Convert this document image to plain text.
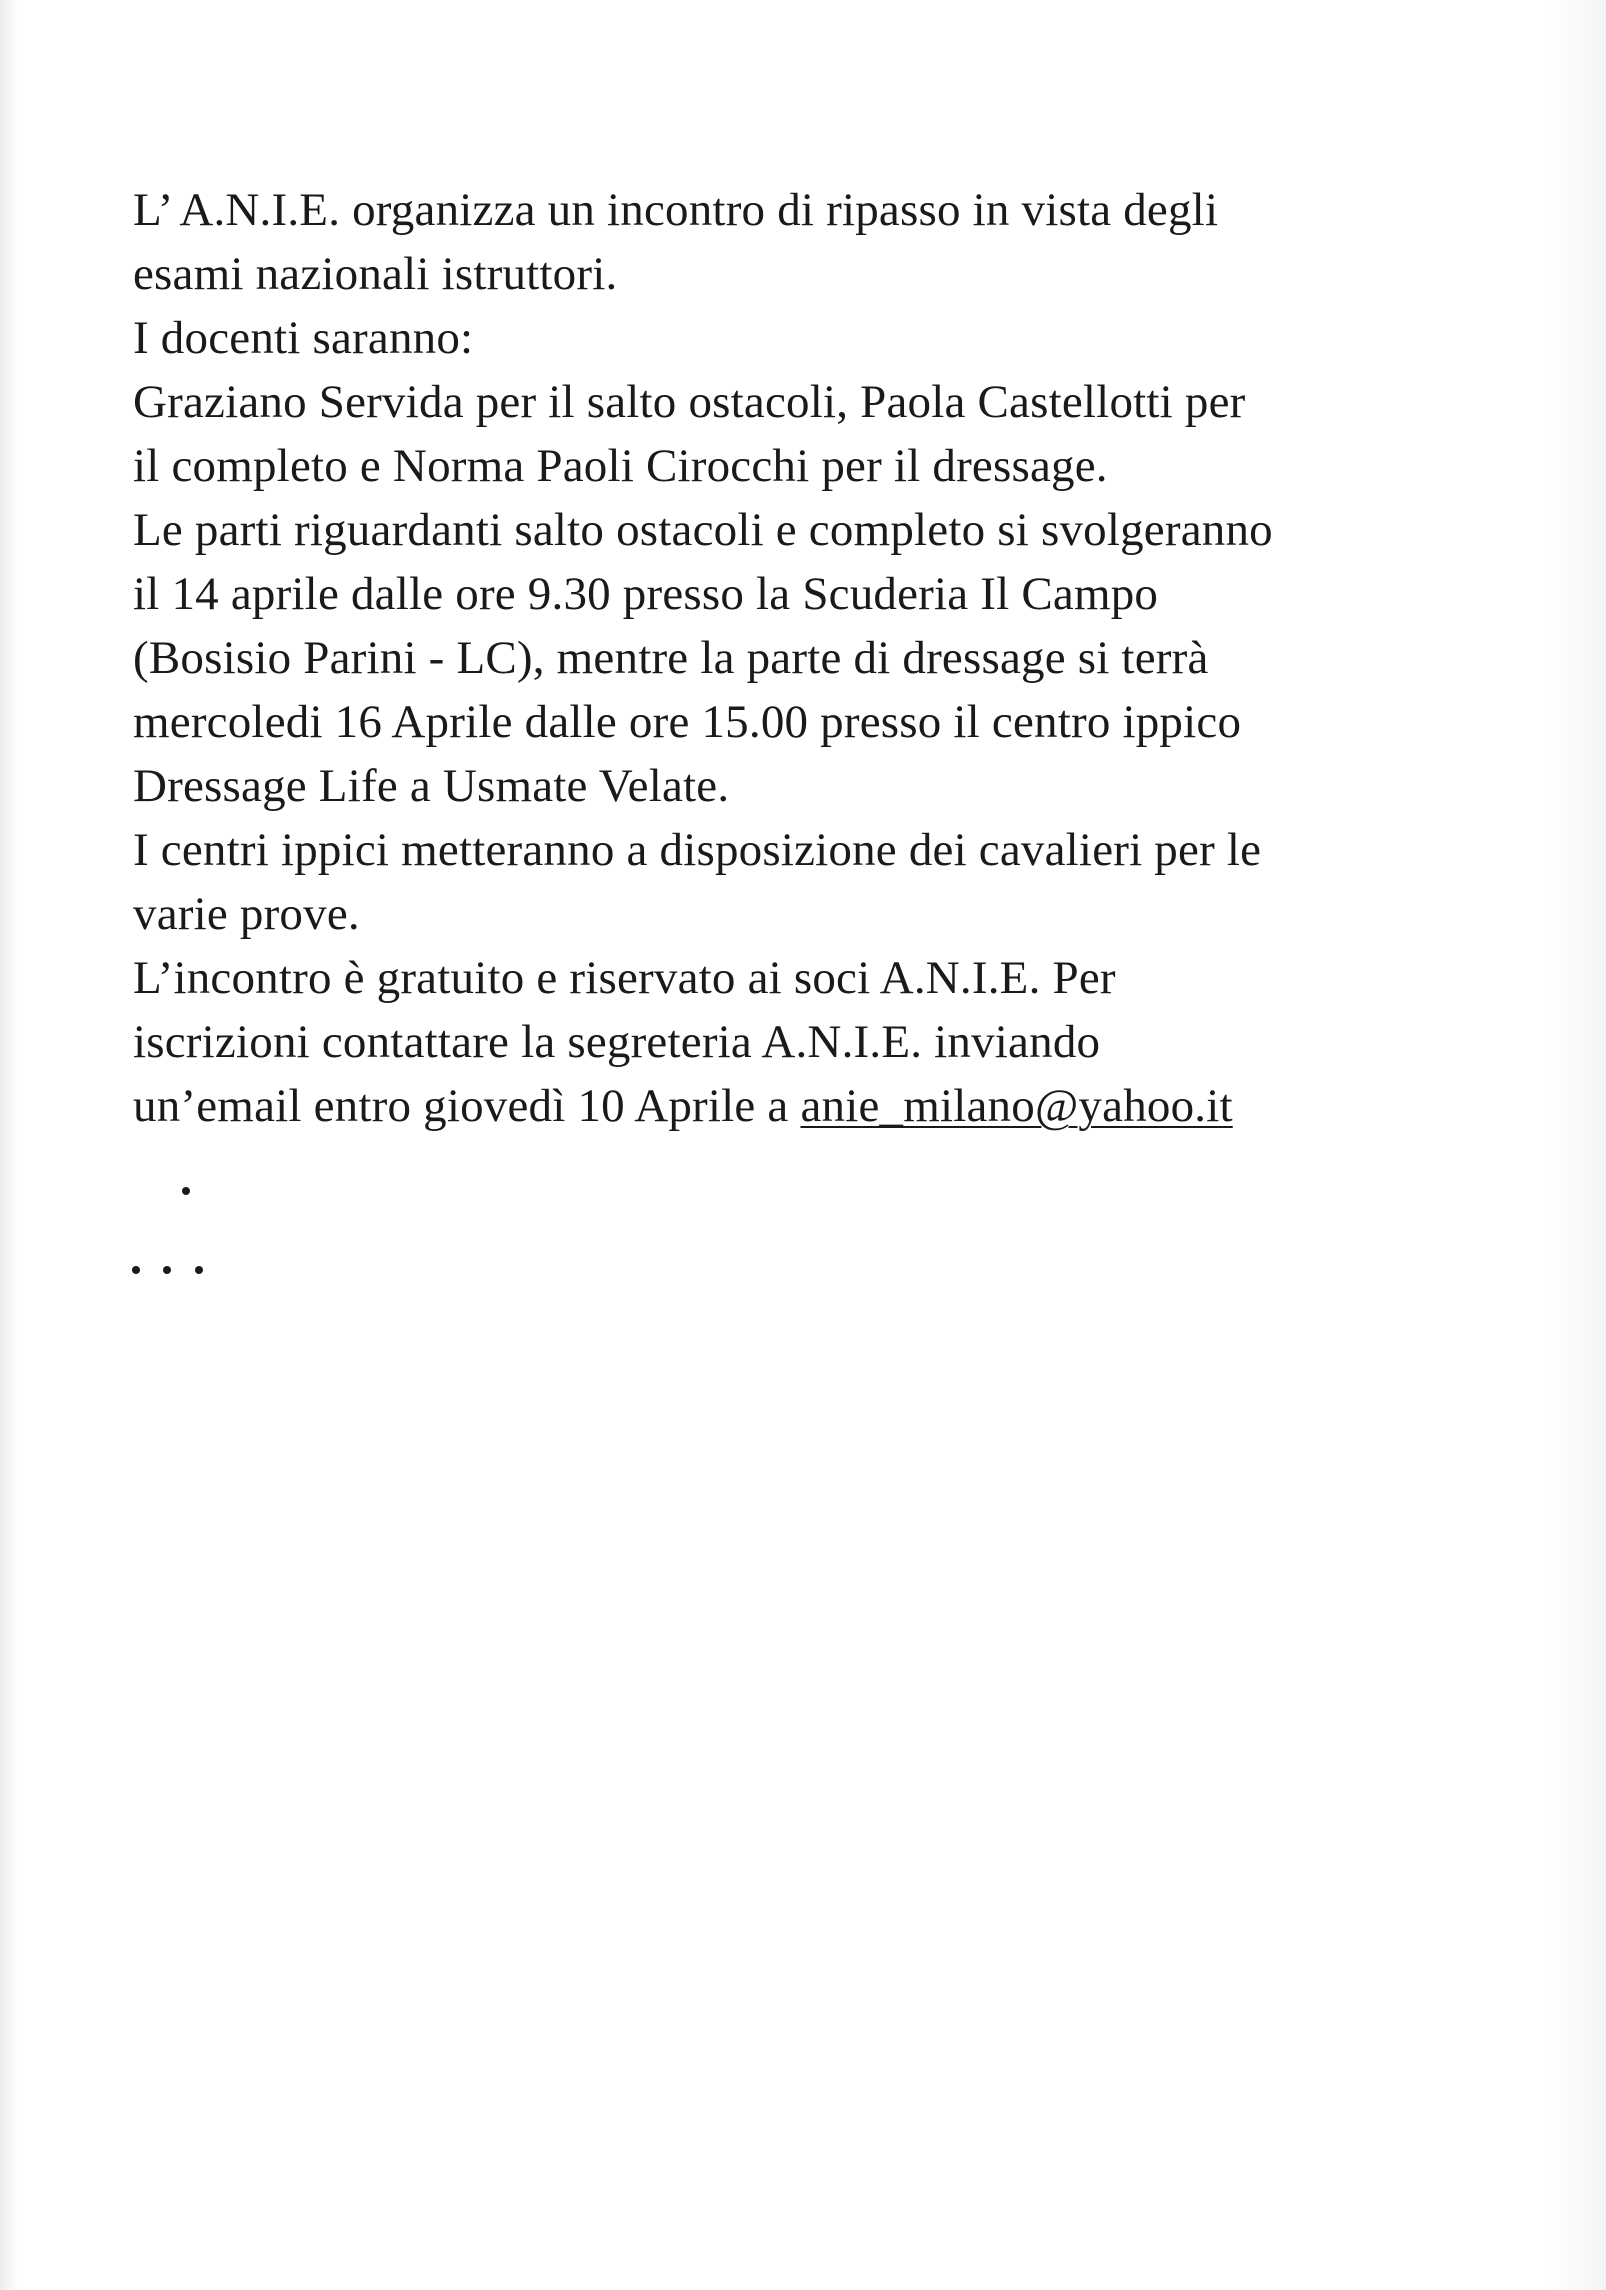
L’ A.N.I.E. organizza un incontro di ripasso in vista degli
esami nazionali istruttori.
I docenti saranno:
Graziano Servida per il salto ostacoli, Paola Castellotti per
il completo e Norma Paoli Cirocchi per il dressage.
Le parti riguardanti salto ostacoli e completo si svolgeranno
il 14 aprile dalle ore 9.30 presso la Scuderia Il Campo
(Bosisio Parini - LC), mentre la parte di dressage si terrà
mercoledi 16 Aprile dalle ore 15.00 presso il centro ippico
Dressage Life a Usmate Velate.
I centri ippici metteranno a disposizione dei cavalieri per le
varie prove.
L’incontro è gratuito e riservato ai soci A.N.I.E. Per
iscrizioni contattare la segreteria A.N.I.E. inviando
un’email entro giovedì 10 Aprile a anie_milano@yahoo.it
